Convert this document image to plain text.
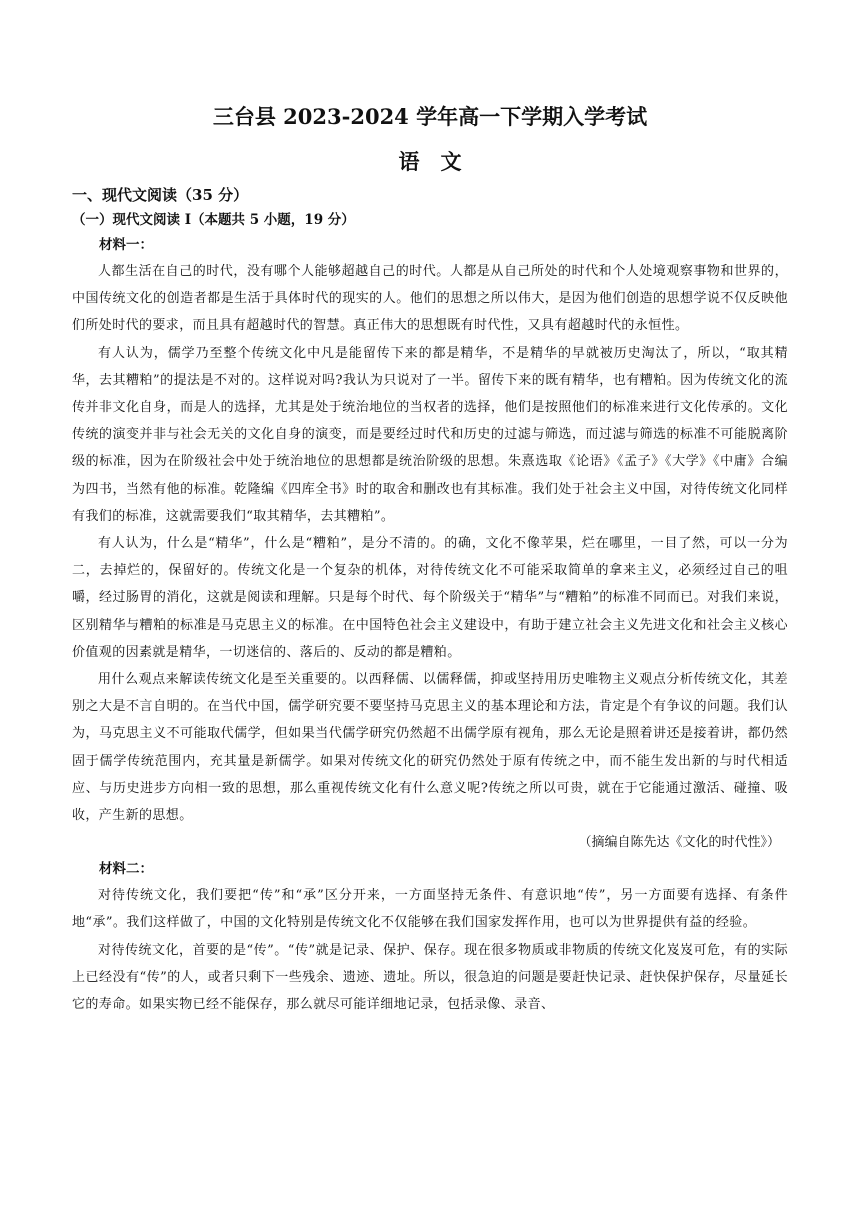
三台县 2023-2024 学年高一下学期入学考试
语　文
一、现代文阅读（35 分）
（一）现代文阅读 I（本题共 5 小题，19 分）
材料一：

人都生活在自己的时代，没有哪个人能够超越自己的时代。人都是从自己所处的时代和个人处境观察事物和世界的，中国传统文化的创造者都是生活于具体时代的现实的人。他们的思想之所以伟大，是因为他们创造的思想学说不仅反映他们所处时代的要求，而且具有超越时代的智慧。真正伟大的思想既有时代性，又具有超越时代的永恒性。

有人认为，儒学乃至整个传统文化中凡是能留传下来的都是精华，不是精华的早就被历史淘汰了，所以，“取其精华，去其糟粕”的提法是不对的。这样说对吗?我认为只说对了一半。留传下来的既有精华，也有糟粕。因为传统文化的流传并非文化自身，而是人的选择，尤其是处于统治地位的当权者的选择，他们是按照他们的标准来进行文化传承的。文化传统的演变并非与社会无关的文化自身的演变，而是要经过时代和历史的过滤与筛选，而过滤与筛选的标准不可能脱离阶级的标准，因为在阶级社会中处于统治地位的思想都是统治阶级的思想。朱熹选取《论语》《孟子》《大学》《中庸》合编为四书，当然有他的标准。乾隆编《四库全书》时的取舍和删改也有其标准。我们处于社会主义中国，对待传统文化同样有我们的标准，这就需要我们“取其精华，去其糟粕”。

有人认为，什么是“精华”，什么是“糟粕”，是分不清的。的确，文化不像苹果，烂在哪里，一目了然，可以一分为二，去掉烂的，保留好的。传统文化是一个复杂的机体，对待传统文化不可能采取简单的拿来主义，必须经过自己的咀嚼，经过肠胃的消化，这就是阅读和理解。只是每个时代、每个阶级关于“精华”与“糟粕”的标准不同而已。对我们来说，区别精华与糟粕的标准是马克思主义的标准。在中国特色社会主义建设中，有助于建立社会主义先进文化和社会主义核心价值观的因素就是精华，一切迷信的、落后的、反动的都是糟粕。

用什么观点来解读传统文化是至关重要的。以西释儒、以儒释儒，抑或坚持用历史唯物主义观点分析传统文化，其差别之大是不言自明的。在当代中国，儒学研究要不要坚持马克思主义的基本理论和方法，肯定是个有争议的问题。我们认为，马克思主义不可能取代儒学，但如果当代儒学研究仍然超不出儒学原有视角，那么无论是照着讲还是接着讲，都仍然固于儒学传统范围内，充其量是新儒学。如果对传统文化的研究仍然处于原有传统之中，而不能生发出新的与时代相适应、与历史进步方向相一致的思想，那么重视传统文化有什么意义呢?传统之所以可贵，就在于它能通过激活、碰撞、吸收，产生新的思想。

（摘编自陈先达《文化的时代性》）
材料二：

对待传统文化，我们要把“传”和“承”区分开来，一方面坚持无条件、有意识地“传”，另一方面要有选择、有条件地“承”。我们这样做了，中国的文化特别是传统文化不仅能够在我们国家发挥作用，也可以为世界提供有益的经验。

对待传统文化，首要的是“传”。“传”就是记录、保护、保存。现在很多物质或非物质的传统文化岌岌可危，有的实际上已经没有“传”的人，或者只剩下一些残余、遗迹、遗址。所以，很急迫的问题是要赶快记录、赶快保护保存，尽量延长它的寿命。如果实物已经不能保存，那么就尽可能详细地记录，包括录像、录音、
